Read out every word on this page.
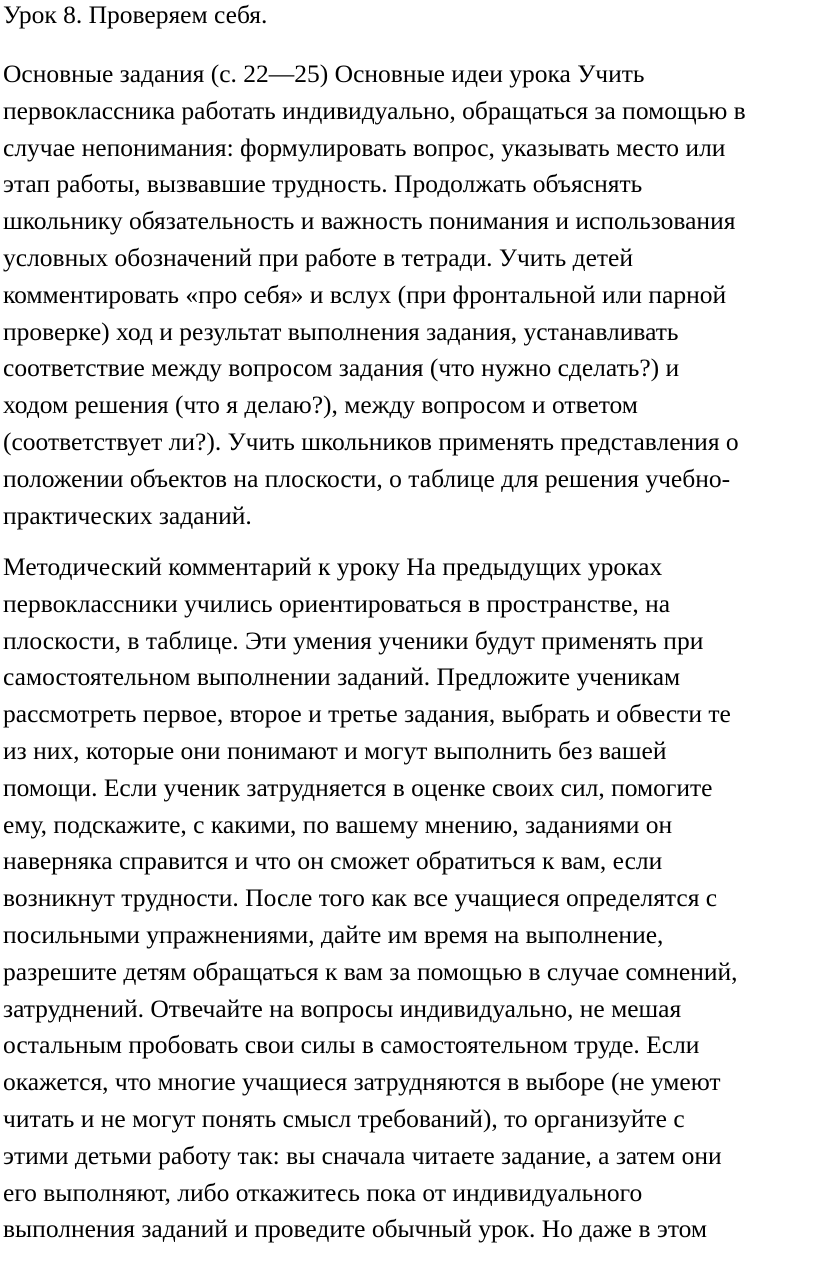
Урок 8. Проверяем себя.

Основные задания (с. 22—25) Основные идеи урока Учить
первоклассника работать индивидуально, обращаться за помощью в
случае непонимания: формулировать вопрос, указывать место или
этап работы, вызвавшие трудность. Продолжать объяснять
школьнику обязательность и важность понимания и использования
условных обозначений при работе в тетради. Учить детей
комментировать «про себя» и вслух (при фронтальной или парной
проверке) ход и результат выполнения задания, устанавливать
соответствие между вопросом задания (что нужно сделать?) и
ходом решения (что я делаю?), между вопросом и ответом
(соответствует ли?). Учить школьников применять представления о
положении объектов на плоскости, о таблице для решения учебно-
практических заданий.

Методический комментарий к уроку На предыдущих уроках
первоклассники учились ориентироваться в пространстве, на
плоскости, в таблице. Эти умения ученики будут применять при
самостоятельном выполнении заданий. Предложите ученикам
рассмотреть первое, второе и третье задания, выбрать и обвести те
из них, которые они понимают и могут выполнить без вашей
помощи. Если ученик затрудняется в оценке своих сил, помогите
ему, подскажите, с какими, по вашему мнению, заданиями он
наверняка справится и что он сможет обратиться к вам, если
возникнут трудности. После того как все учащиеся определятся с
посильными упражнениями, дайте им время на выполнение,
разрешите детям обращаться к вам за помощью в случае сомнений,
затруднений. Отвечайте на вопросы индивидуально, не мешая
остальным пробовать свои силы в самостоятельном труде. Если
окажется, что многие учащиеся затрудняются в выборе (не умеют
читать и не могут понять смысл требований), то организуйте с
этими детьми работу так: вы сначала читаете задание, а затем они
его выполняют, либо откажитесь пока от индивидуального
выполнения заданий и проведите обычный урок. Но даже в этом
